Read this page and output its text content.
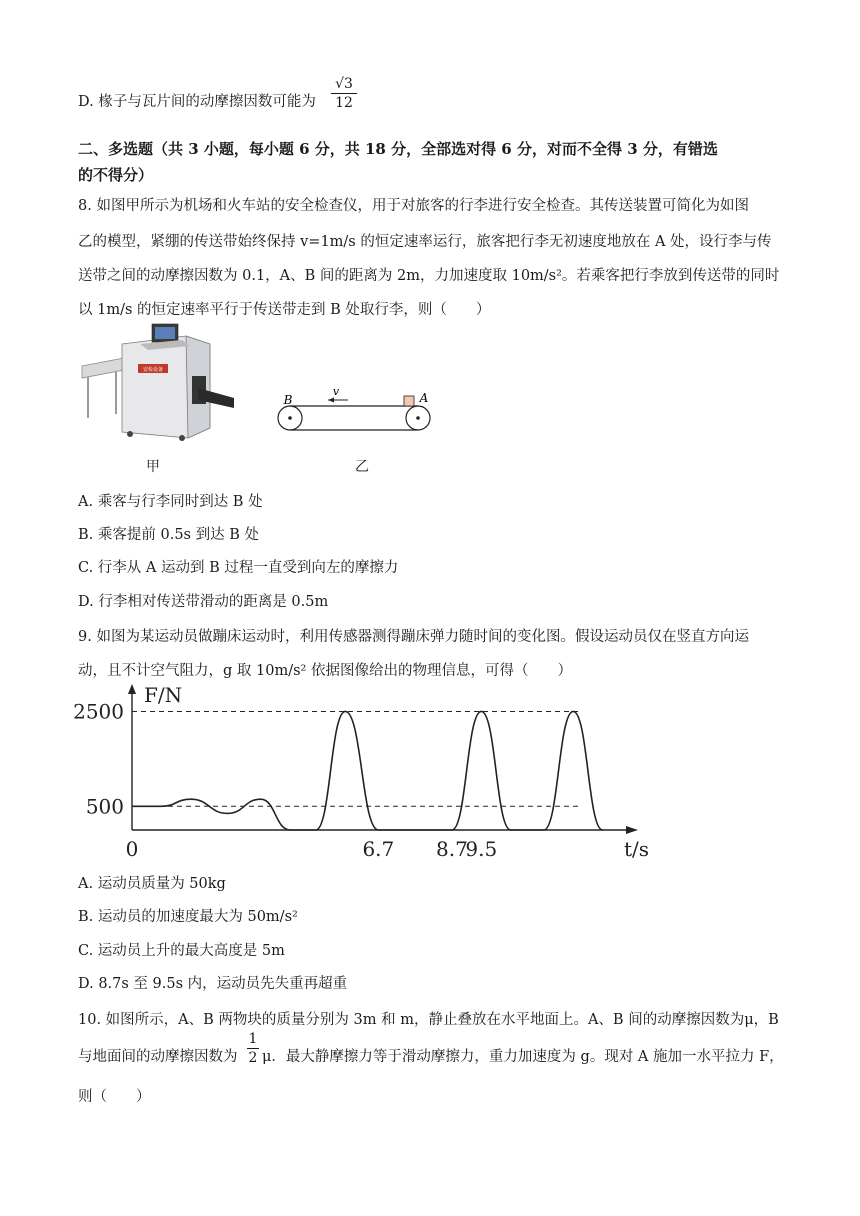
D. 椽子与瓦片间的动摩擦因数可能为
√3
12
二、多选题（共 3 小题，每小题 6 分，共 18 分，全部选对得 6 分，对而不全得 3 分，有错选
的不得分）
8. 如图甲所示为机场和火车站的安全检查仪，用于对旅客的行李进行安全检查。其传送装置可简化为如图
乙的模型，紧绷的传送带始终保持 v=1m/s 的恒定速率运行，旅客把行李无初速度地放在 A 处，设行李与传
送带之间的动摩擦因数为 0.1，A、B 间的距离为 2m，力加速度取 10m/s²。若乘客把行李放到传送带的同时
以 1m/s 的恒定速率平行于传送带走到 B 处取行李，则（　　）
安检设备
甲
v
B	A
乙
A. 乘客与行李同时到达 B 处
B. 乘客提前 0.5s 到达 B 处
C. 行李从 A 运动到 B 过程一直受到向左的摩擦力
D. 行李相对传送带滑动的距离是 0.5m
9. 如图为某运动员做蹦床运动时，利用传感器测得蹦床弹力随时间的变化图。假设运动员仅在竖直方向运
动，且不计空气阻力，g 取 10m/s² 依据图像给出的物理信息，可得（　　）
500
2500
0	6.7 8.7
9.5
F/N
t/s
A. 运动员质量为 50kg
B. 运动员的加速度最大为 50m/s²
C. 运动员上升的最大高度是 5m
D. 8.7s 至 9.5s 内，运动员先失重再超重
10. 如图所示，A、B 两物块的质量分别为 3m 和 m，静止叠放在水平地面上。A、B 间的动摩擦因数为μ，B
与地面间的动摩擦因数为
1
2 μ．最大静摩擦力等于滑动摩擦力，重力加速度为 g。现对 A 施加一水平拉力 F，
则（　　）
